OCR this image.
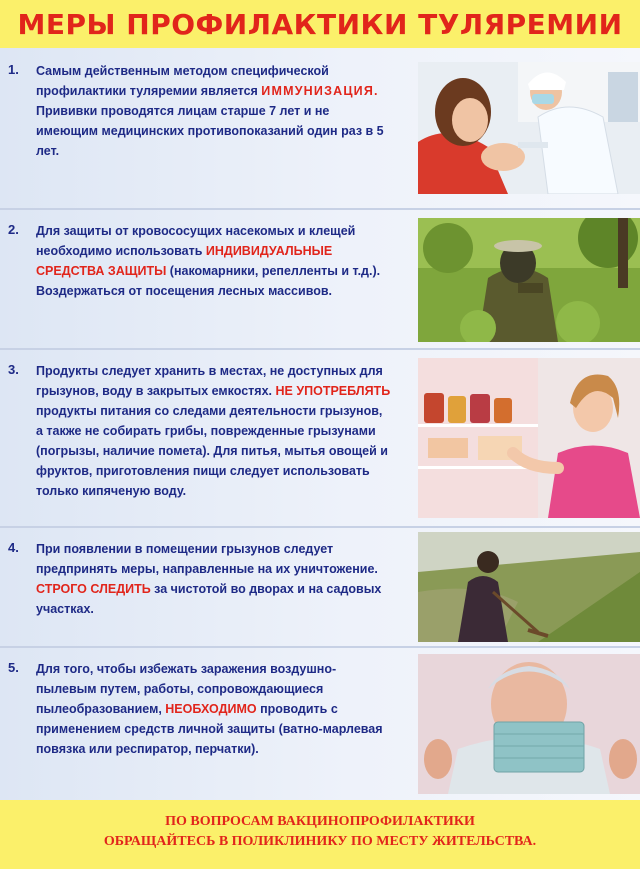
МЕРЫ ПРОФИЛАКТИКИ ТУЛЯРЕМИИ
1. Самым действенным методом специфической профилактики туляремии является ИММУНИЗАЦИЯ. Прививки проводятся лицам старше 7 лет и не имеющим медицинских противопоказаний один раз в 5 лет.
2. Для защиты от кровососущих насекомых и клещей необходимо использовать ИНДИВИДУАЛЬНЫЕ СРЕДСТВА ЗАЩИТЫ (накомарники, репелленты и т.д.). Воздержаться от посещения лесных массивов.
3. Продукты следует хранить в местах, не доступных для грызунов, воду в закрытых емкостях. НЕ УПОТРЕБЛЯТЬ продукты питания со следами деятельности грызунов, а также не собирать грибы, поврежденные грызунами (погрызы, наличие помета). Для питья, мытья овощей и фруктов, приготовления пищи следует использовать только кипяченую воду.
4. При появлении в помещении грызунов следует предпринять меры, направленные на их уничтожение. СТРОГО СЛЕДИТЬ за чистотой во дворах и на садовых участках.
5. Для того, чтобы избежать заражения воздушно-пылевым путем, работы, сопровождающиеся пылеобразованием, НЕОБХОДИМО проводить с применением средств личной защиты (ватно-марлевая повязка или респиратор, перчатки).
ПО ВОПРОСАМ ВАКЦИНОПРОФИЛАКТИКИ
ОБРАЩАЙТЕСЬ В ПОЛИКЛИНИКУ ПО МЕСТУ ЖИТЕЛЬСТВА.
